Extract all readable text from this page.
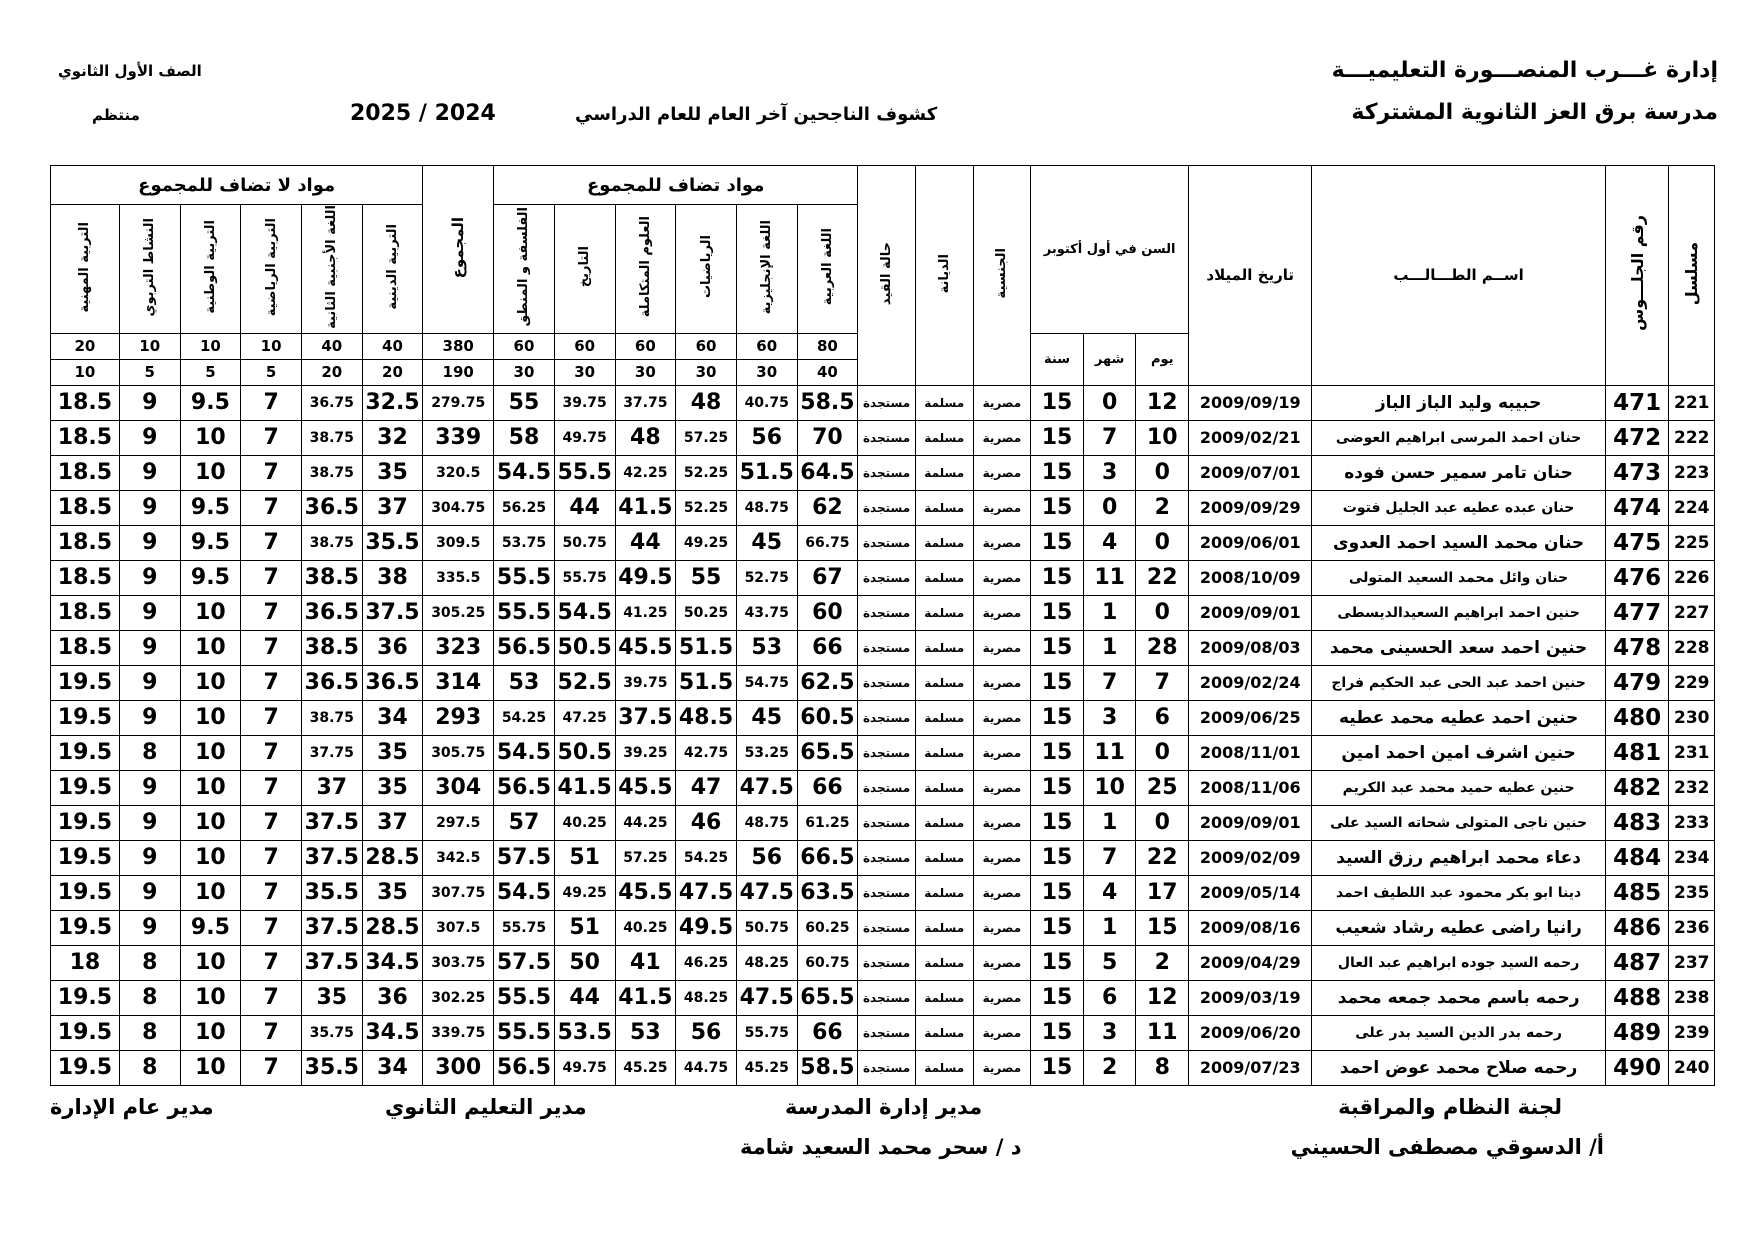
إدارة غـــرب المنصـــورة التعليميـــة
مدرسة برق العز الثانوية المشتركة
الصف الأول الثانوي
منتظم	كشوف الناجحين آخر العام للعام الدراسي
2025 / 2024
مسلسل	رقم الجلـــوس	اســم الطـــالـــب	تاريخ الميلاد	السن في أول أكتوبر			الجنسية	الديانة	حالة القيد	مواد تضاف للمجموع						المجموع	مواد لا تضاف للمجموع					
										اللغة العربية	اللغة الإنجليزية	الرياضيات	العلوم المتكاملة	التاريخ	الفلسفة و المنطق		التربية الدينية	اللغة الأجنبية الثانية	التربية الرياضية	التربية الوطنية	النشاط التربوي	التربية المهنية
				يوم	شهر	سنة				80	60	60	60	60	60	380	40	40	10	10	10	20
										40	30	30	30	30	30	190	20	20	5	5	5	10
221	471	حبيبه وليد الباز الباز	2009/09/19	12	0	15	مصرية	مسلمة	مستجدة	58.5	40.75	48	37.75	39.75	55	279.75	32.5	36.75	7	9.5	9	18.5
222	472	حنان احمد المرسى ابراهيم العوضى	2009/02/21	10	7	15	مصرية	مسلمة	مستجدة	70	56	57.25	48	49.75	58	339	32	38.75	7	10	9	18.5
223	473	حنان تامر سمير حسن فوده	2009/07/01	0	3	15	مصرية	مسلمة	مستجدة	64.5	51.5	52.25	42.25	55.5	54.5	320.5	35	38.75	7	10	9	18.5
224	474	حنان عبده عطيه عبد الجليل فتوت	2009/09/29	2	0	15	مصرية	مسلمة	مستجدة	62	48.75	52.25	41.5	44	56.25	304.75	37	36.5	7	9.5	9	18.5
225	475	حنان محمد السيد احمد العدوى	2009/06/01	0	4	15	مصرية	مسلمة	مستجدة	66.75	45	49.25	44	50.75	53.75	309.5	35.5	38.75	7	9.5	9	18.5
226	476	حنان وائل محمد السعيد المتولى	2008/10/09	22	11	15	مصرية	مسلمة	مستجدة	67	52.75	55	49.5	55.75	55.5	335.5	38	38.5	7	9.5	9	18.5
227	477	حنين احمد ابراهيم السعيدالديسطى	2009/09/01	0	1	15	مصرية	مسلمة	مستجدة	60	43.75	50.25	41.25	54.5	55.5	305.25	37.5	36.5	7	10	9	18.5
228	478	حنين احمد سعد الحسينى محمد	2009/08/03	28	1	15	مصرية	مسلمة	مستجدة	66	53	51.5	45.5	50.5	56.5	323	36	38.5	7	10	9	18.5
229	479	حنين احمد عبد الحى عبد الحكيم فراج	2009/02/24	7	7	15	مصرية	مسلمة	مستجدة	62.5	54.75	51.5	39.75	52.5	53	314	36.5	36.5	7	10	9	19.5
230	480	حنين احمد عطيه محمد عطيه	2009/06/25	6	3	15	مصرية	مسلمة	مستجدة	60.5	45	48.5	37.5	47.25	54.25	293	34	38.75	7	10	9	19.5
231	481	حنين اشرف امين احمد امين	2008/11/01	0	11	15	مصرية	مسلمة	مستجدة	65.5	53.25	42.75	39.25	50.5	54.5	305.75	35	37.75	7	10	8	19.5
232	482	حنين عطيه حميد محمد عبد الكريم	2008/11/06	25	10	15	مصرية	مسلمة	مستجدة	66	47.5	47	45.5	41.5	56.5	304	35	37	7	10	9	19.5
233	483	حنين ناجى المتولى شحاته السيد على	2009/09/01	0	1	15	مصرية	مسلمة	مستجدة	61.25	48.75	46	44.25	40.25	57	297.5	37	37.5	7	10	9	19.5
234	484	دعاء محمد ابراهيم رزق السيد	2009/02/09	22	7	15	مصرية	مسلمة	مستجدة	66.5	56	54.25	57.25	51	57.5	342.5	28.5	37.5	7	10	9	19.5
235	485	دينا ابو بكر محمود عبد اللطيف احمد	2009/05/14	17	4	15	مصرية	مسلمة	مستجدة	63.5	47.5	47.5	45.5	49.25	54.5	307.75	35	35.5	7	10	9	19.5
236	486	رانيا راضى عطيه رشاد شعيب	2009/08/16	15	1	15	مصرية	مسلمة	مستجدة	60.25	50.75	49.5	40.25	51	55.75	307.5	28.5	37.5	7	9.5	9	19.5
237	487	رحمه السيد جوده ابراهيم عبد العال	2009/04/29	2	5	15	مصرية	مسلمة	مستجدة	60.75	48.25	46.25	41	50	57.5	303.75	34.5	37.5	7	10	8	18
238	488	رحمه باسم محمد جمعه محمد	2009/03/19	12	6	15	مصرية	مسلمة	مستجدة	65.5	47.5	48.25	41.5	44	55.5	302.25	36	35	7	10	8	19.5
239	489	رحمه بدر الدين السيد بدر على	2009/06/20	11	3	15	مصرية	مسلمة	مستجدة	66	55.75	56	53	53.5	55.5	339.75	34.5	35.75	7	10	8	19.5
240	490	رحمه صلاح محمد عوض احمد	2009/07/23	8	2	15	مصرية	مسلمة	مستجدة	58.5	45.25	44.75	45.25	49.75	56.5	300	34	35.5	7	10	8	19.5
لجنة النظام والمراقبة
أ/ الدسوقي مصطفى الحسيني
مدير إدارة المدرسة
د / سحر محمد السعيد شامة
مدير التعليم الثانوي
مدير عام الإدارة
